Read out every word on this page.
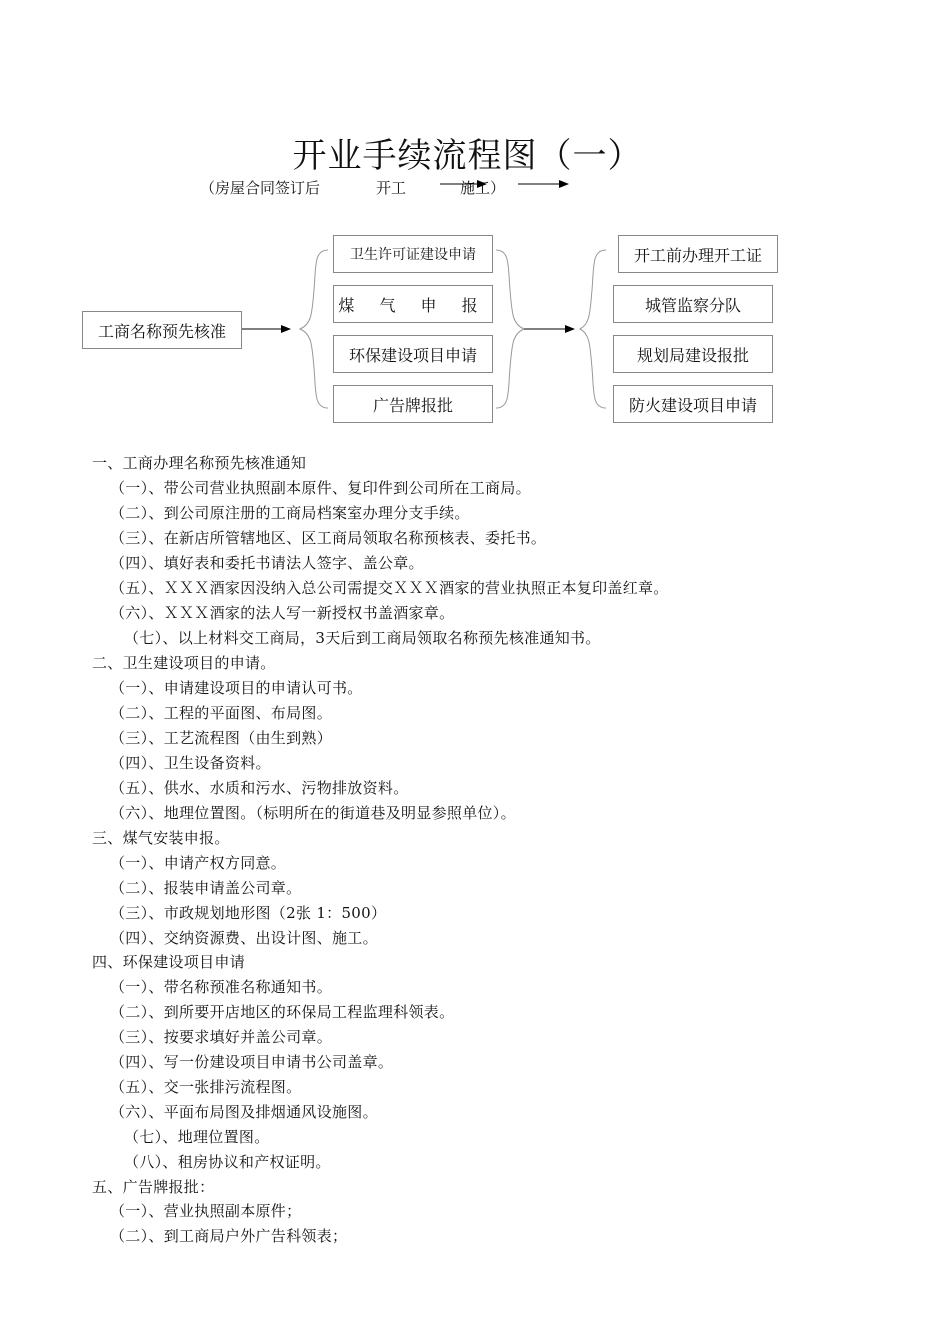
开业手续流程图（一）
（房屋合同签订后	开工	施工）
工商名称预先核准
卫生许可证建设申请
煤 气 申 报
环保建设项目申请
广告牌报批
开工前办理开工证
城管监察分队
规划局建设报批
防火建设项目申请
一、工商办理名称预先核准通知
（一）、带公司营业执照副本原件、复印件到公司所在工商局。
（二）、到公司原注册的工商局档案室办理分支手续。
（三）、在新店所管辖地区、区工商局领取名称预核表、委托书。
（四）、填好表和委托书请法人签字、盖公章。
（五）、ＸＸＸ酒家因没纳入总公司需提交ＸＸＸ酒家的营业执照正本复印盖红章。
（六）、ＸＸＸ酒家的法人写一新授权书盖酒家章。
（七）、以上材料交工商局，3天后到工商局领取名称预先核准通知书。
二、卫生建设项目的申请。
（一）、申请建设项目的申请认可书。
（二）、工程的平面图、布局图。
（三）、工艺流程图（由生到熟）
（四）、卫生设备资料。
（五）、供水、水质和污水、污物排放资料。
（六）、地理位置图。（标明所在的街道巷及明显参照单位）。
三、煤气安装申报。
（一）、申请产权方同意。
（二）、报装申请盖公司章。
（三）、市政规划地形图（2张 1：500）
（四）、交纳资源费、出设计图、施工。
四、环保建设项目申请
（一）、带名称预准名称通知书。
（二）、到所要开店地区的环保局工程监理科领表。
（三）、按要求填好并盖公司章。
（四）、写一份建设项目申请书公司盖章。
（五）、交一张排污流程图。
（六）、平面布局图及排烟通风设施图。
（七）、地理位置图。
（八）、租房协议和产权证明。
五、广告牌报批：
（一）、营业执照副本原件；
（二）、到工商局户外广告科领表；
